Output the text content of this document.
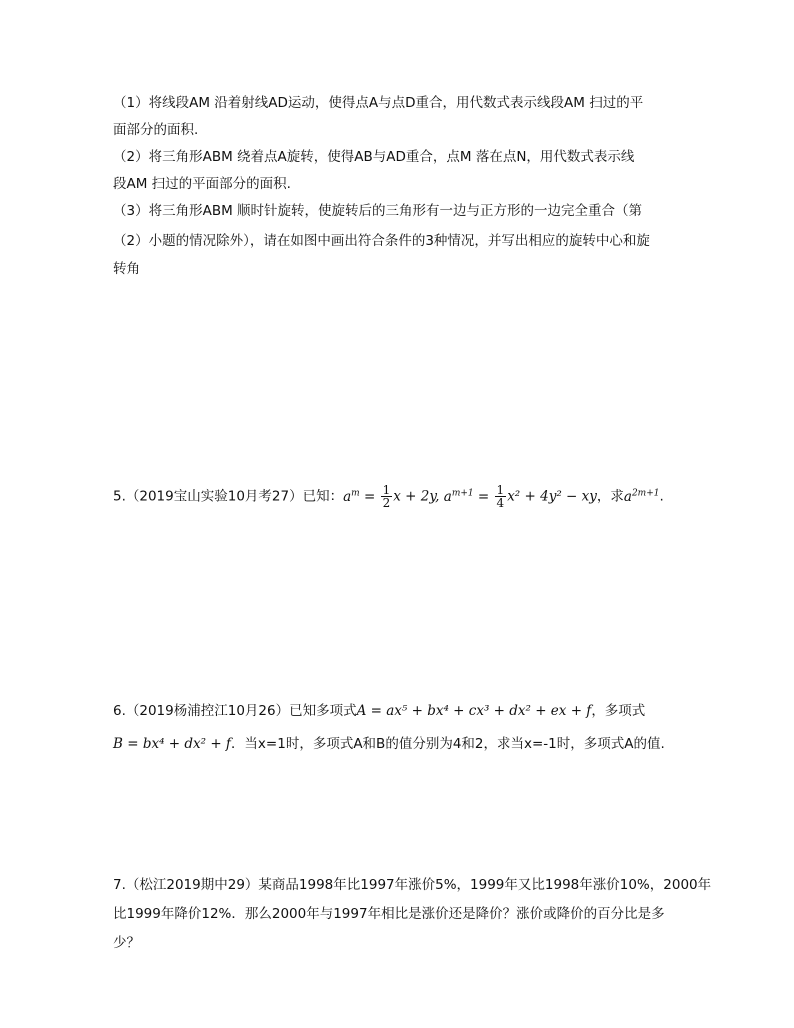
（1）将线段AM 沿着射线AD运动，使得点A与点D重合，用代数式表示线段AM 扫过的平
面部分的面积.
（2）将三角形ABM 绕着点A旋转，使得AB与AD重合，点M 落在点N，用代数式表示线
段AM 扫过的平面部分的面积.
（3）将三角形ABM 顺时针旋转，使旋转后的三角形有一边与正方形的一边完全重合（第
（2）小题的情况除外），请在如图中画出符合条件的3种情况，并写出相应的旋转中心和旋
转角
5.（2019宝山实验10月考27）已知：$a^m = \frac{1}{2}$ x + 2y, $a^{m+1} = \frac{1}{4} x^2 + 4y^2$ − xy，求$a^{2m+1}$.
6.（2019杨浦控江10月26）已知多项式A = ax⁵ + bx⁴ + cx³ + dx² + ex + f，多项式
B = bx⁴ + dx² + f．当x=1时，多项式A和B的值分别为4和2，求当x=-1时，多项式A的值.
7.（松江2019期中29）某商品1998年比1997年涨价5%，1999年又比1998年涨价10%，2000年
比1999年降价12%．那么2000年与1997年相比是涨价还是降价？涨价或降价的百分比是多
少？
